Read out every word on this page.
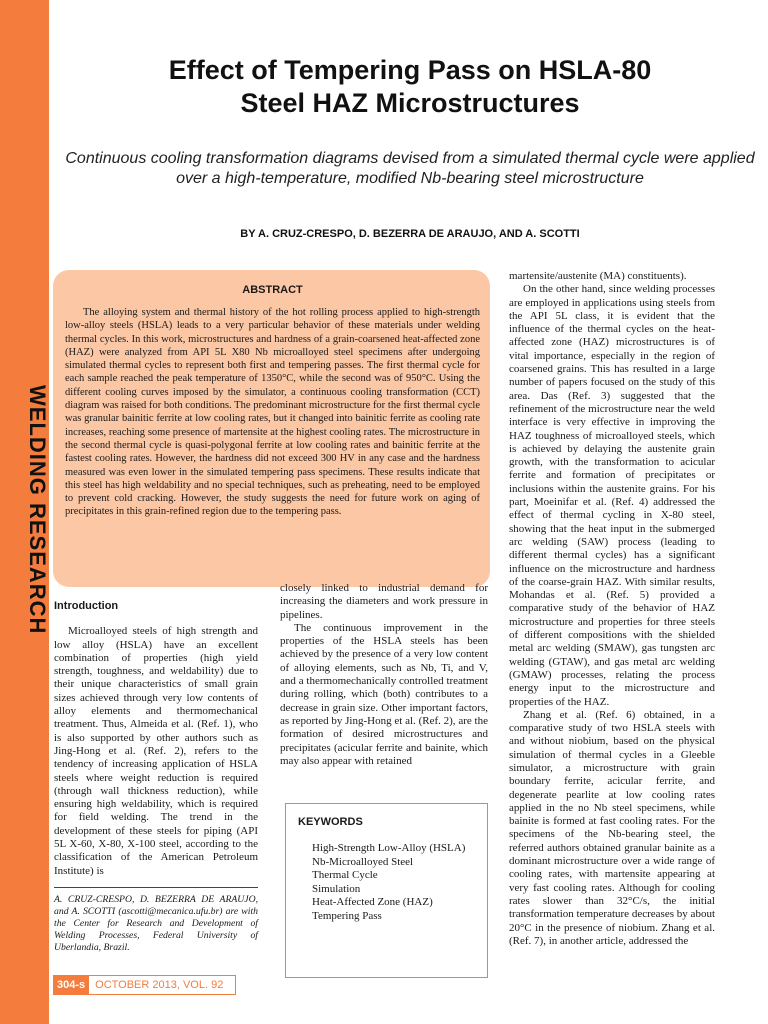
WELDING RESEARCH
Effect of Tempering Pass on HSLA-80
Steel HAZ Microstructures
Continuous cooling transformation diagrams devised from a simulated thermal cycle were applied over a high-temperature, modified Nb-bearing steel microstructure
BY A. CRUZ-CRESPO, D. BEZERRA DE ARAUJO, AND A. SCOTTI
ABSTRACT

The alloying system and thermal history of the hot rolling process applied to high-strength low-alloy steels (HSLA) leads to a very particular behavior of these materials under welding thermal cycles. In this work, microstructures and hardness of a grain-coarsened heat-affected zone (HAZ) were analyzed from API 5L X80 Nb microalloyed steel specimens after undergoing simulated thermal cycles to represent both first and tempering passes. The first thermal cycle for each sample reached the peak temperature of 1350°C, while the second was of 950°C. Using the different cooling curves imposed by the simulator, a continuous cooling transformation (CCT) diagram was raised for both conditions. The predominant microstructure for the first thermal cycle was granular bainitic ferrite at low cooling rates, but it changed into bainitic ferrite as cooling rate increases, reaching some presence of martensite at the highest cooling rates. The microstructure in the second thermal cycle is quasi-polygonal ferrite at low cooling rates and bainitic ferrite at the fastest cooling rates. However, the hardness did not exceed 300 HV in any case and the hardness measured was even lower in the simulated tempering pass specimens. These results indicate that this steel has high weldability and no special techniques, such as preheating, need to be employed to prevent cold cracking. However, the study suggests the need for future work on aging of precipitates in this grain-refined region due to the tempering pass.

Introduction

Microalloyed steels of high strength and low alloy (HSLA) have an excellent combination of properties (high yield strength, toughness, and weldability) due to their unique characteristics of small grain sizes achieved through very low contents of alloy elements and thermomechanical treatment. Thus, Almeida et al. (Ref. 1), who is also supported by other authors such as Jing-Hong et al. (Ref. 2), refers to the tendency of increasing application of HSLA steels where weight reduction is required (through wall thickness reduction), while ensuring high weldability, which is required for field welding. The trend in the development of these steels for piping (API 5L X-60, X-80, X-100 steel, according to the classification of the American Petroleum Institute) is

A. CRUZ-CRESPO, D. BEZERRA DE ARAUJO, and A. SCOTTI (ascotti@mecanica.ufu.br) are with the Center for Research and Development of Welding Processes, Federal University of Uberlandia, Brazil.

closely linked to industrial demand for increasing the diameters and work pressure in pipelines.

The continuous improvement in the properties of the HSLA steels has been achieved by the presence of a very low content of alloying elements, such as Nb, Ti, and V, and a thermomechanically controlled treatment during rolling, which (both) contributes to a decrease in grain size. Other important factors, as reported by Jing-Hong et al. (Ref. 2), are the formation of desired microstructures and precipitates (acicular ferrite and bainite, which may also appear with retained

KEYWORDS
High-Strength Low-Alloy (HSLA)
Nb-Microalloyed Steel
Thermal Cycle
Simulation
Heat-Affected Zone (HAZ)
Tempering Pass

martensite/austenite (MA) constituents).

On the other hand, since welding processes are employed in applications using steels from the API 5L class, it is evident that the influence of the thermal cycles on the heat-affected zone (HAZ) microstructures is of vital importance, especially in the region of coarsened grains. This has resulted in a large number of papers focused on the study of this area. Das (Ref. 3) suggested that the refinement of the microstructure near the weld interface is very effective in improving the HAZ toughness of microalloyed steels, which is achieved by delaying the austenite grain growth, with the transformation to acicular ferrite and formation of precipitates or inclusions within the austenite grains. For his part, Moeinifar et al. (Ref. 4) addressed the effect of thermal cycling in X-80 steel, showing that the heat input in the submerged arc welding (SAW) process (leading to different thermal cycles) has a significant influence on the microstructure and hardness of the coarse-grain HAZ. With similar results, Mohandas et al. (Ref. 5) provided a comparative study of the behavior of HAZ microstructure and properties for three steels of different compositions with the shielded metal arc welding (SMAW), gas tungsten arc welding (GTAW), and gas metal arc welding (GMAW) processes, relating the process energy input to the microstructure and properties of the HAZ.

Zhang et al. (Ref. 6) obtained, in a comparative study of two HSLA steels with and without niobium, based on the physical simulation of thermal cycles in a Gleeble simulator, a microstructure with grain boundary ferrite, acicular ferrite, and degenerate pearlite at low cooling rates applied in the no Nb steel specimens, while bainite is formed at fast cooling rates. For the specimens of the Nb-bearing steel, the referred authors obtained granular bainite as a dominant microstructure over a wide range of cooling rates, with martensite appearing at very fast cooling rates. Although for cooling rates slower than 32°C/s, the initial transformation temperature decreases by about 20°C in the presence of niobium. Zhang et al. (Ref. 7), in another article, addressed the

304-s OCTOBER 2013, VOL. 92
